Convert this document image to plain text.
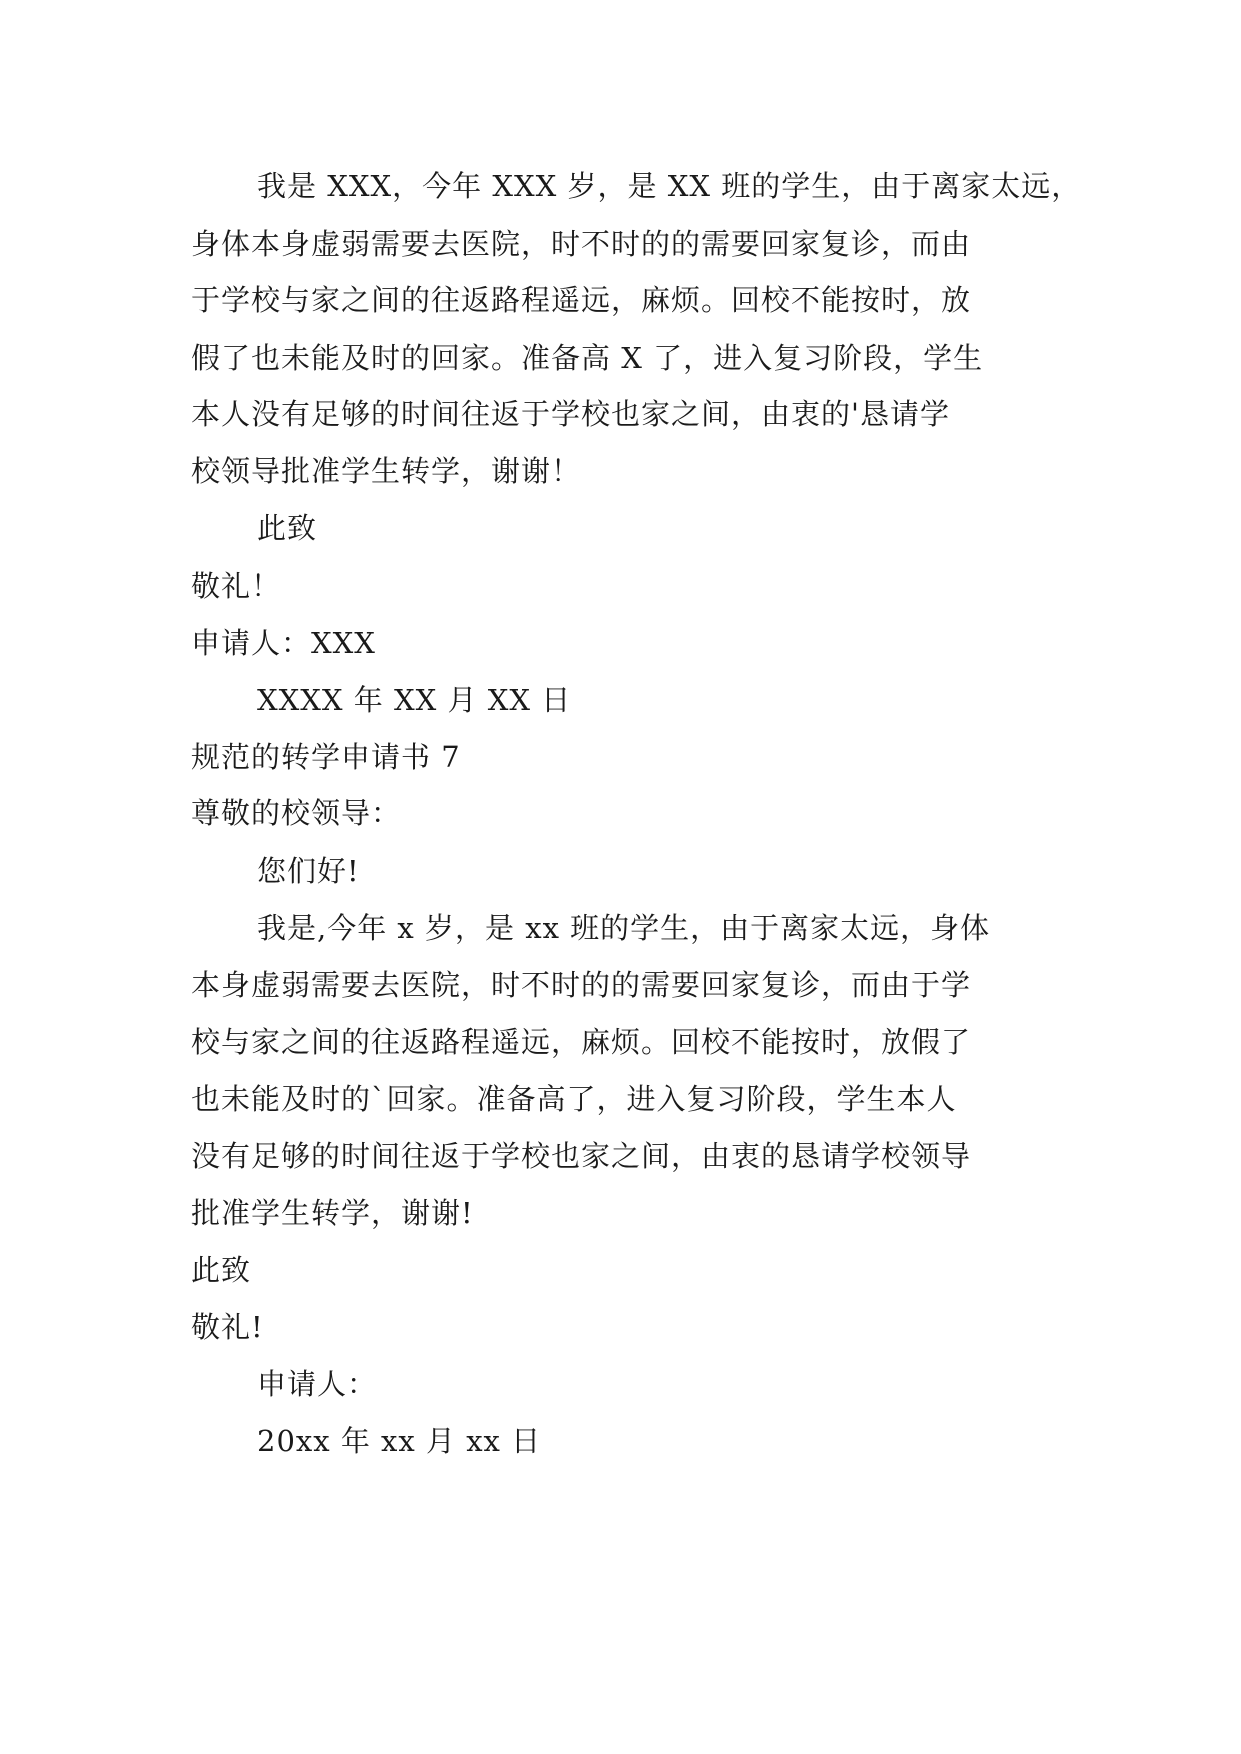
我是 XXX，今年 XXX 岁，是 XX 班的学生，由于离家太远，
身体本身虚弱需要去医院，时不时的的需要回家复诊，而由
于学校与家之间的往返路程遥远，麻烦。回校不能按时，放
假了也未能及时的回家。准备高 X 了，进入复习阶段，学生
本人没有足够的时间往返于学校也家之间，由衷的'恳请学
校领导批准学生转学，谢谢！
此致
敬礼！
申请人：XXX
XXXX 年 XX 月 XX 日
规范的转学申请书 7
尊敬的校领导：
您们好!
我是,今年 x 岁，是 xx 班的学生，由于离家太远，身体
本身虚弱需要去医院，时不时的的需要回家复诊，而由于学
校与家之间的往返路程遥远，麻烦。回校不能按时，放假了
也未能及时的`回家。准备高了，进入复习阶段，学生本人
没有足够的时间往返于学校也家之间，由衷的恳请学校领导
批准学生转学，谢谢!
此致
敬礼!
申请人：
20xx 年 xx 月 xx 日
